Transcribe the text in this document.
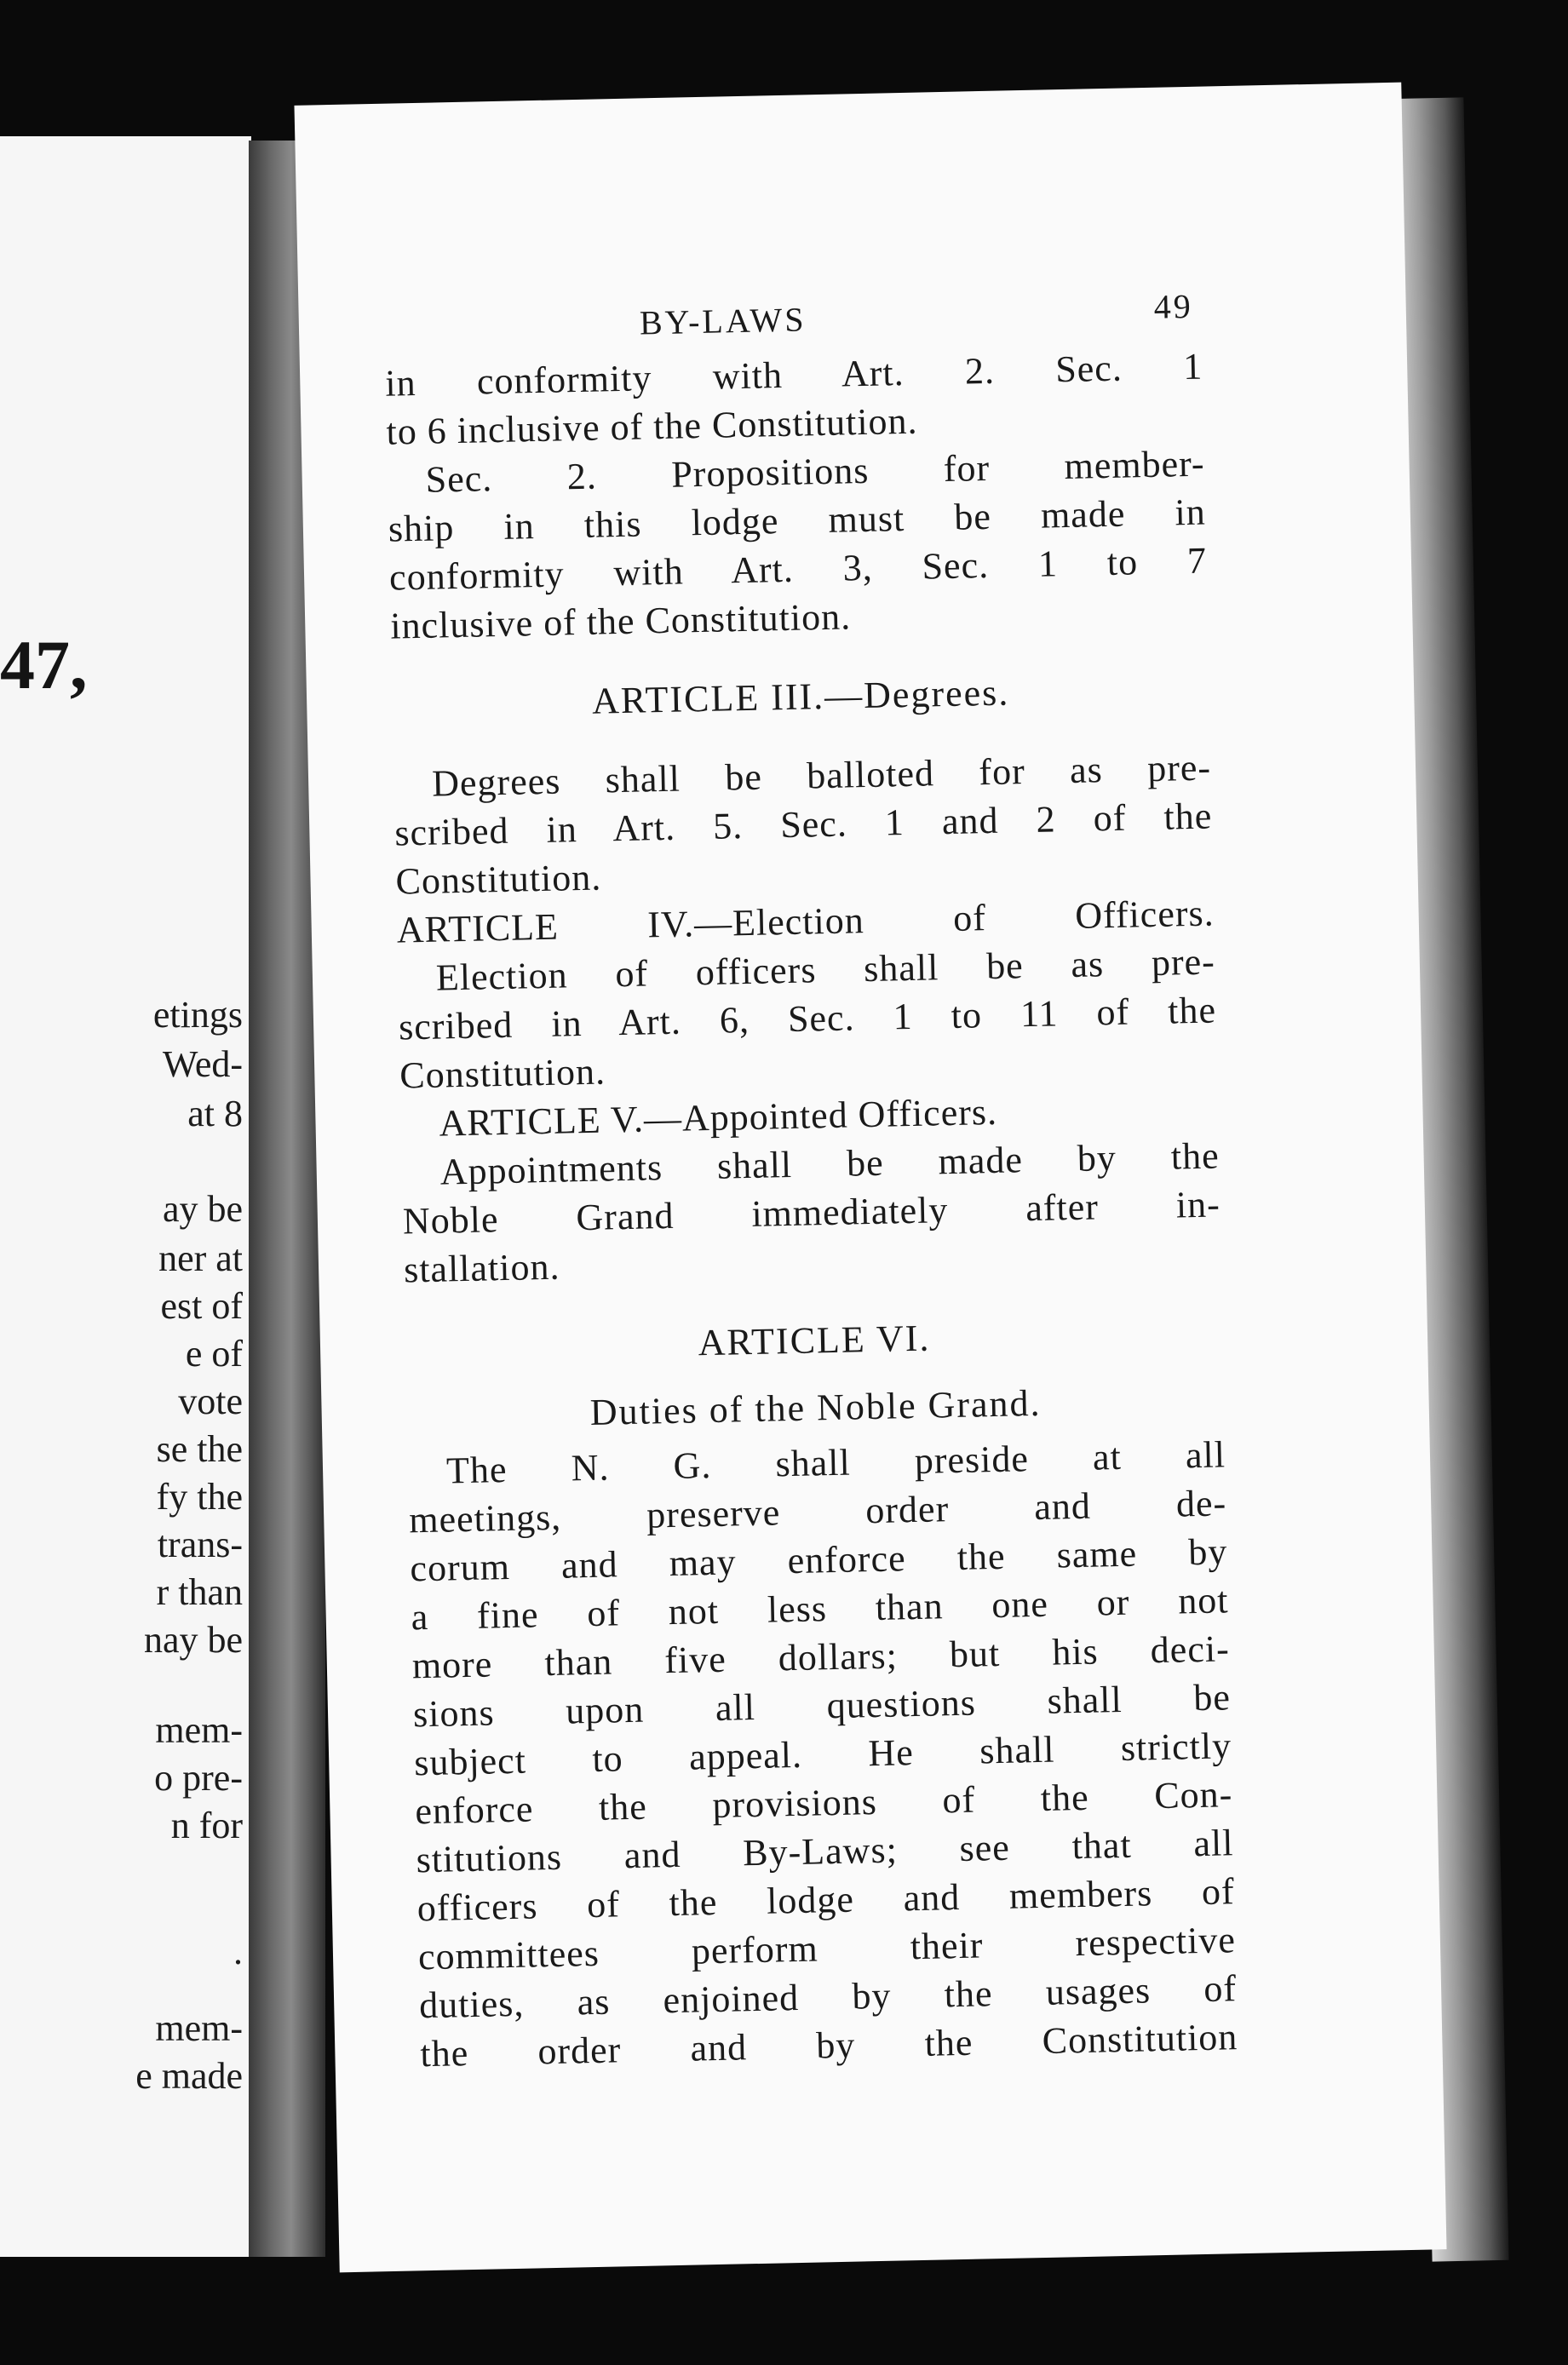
47,

etings

Wed-

at 8

ay be

ner at

est of

e of

vote

se the

fy the

trans-

r than

nay be

mem-

o pre-

n for

.

mem-

e made

BY-LAWS	49

in conformity with Art. 2. Sec. 1

to 6 inclusive of the Constitution.

Sec. 2. Propositions for member-

ship in this lodge must be made in

conformity with Art. 3, Sec. 1 to 7

inclusive of the Constitution.

ARTICLE III.—Degrees.

Degrees shall be balloted for as pre-

scribed in Art. 5. Sec. 1 and 2 of the

Constitution.

ARTICLE IV.—Election of Officers.

Election of officers shall be as pre-

scribed in Art. 6, Sec. 1 to 11 of the

Constitution.

ARTICLE V.—Appointed Officers.

Appointments shall be made by the

Noble Grand immediately after in-

stallation.

ARTICLE VI.

Duties of the Noble Grand.

The N. G. shall preside at all

meetings, preserve order and de-

corum and may enforce the same by

a fine of not less than one or not

more than five dollars; but his deci-

sions upon all questions shall be

subject to appeal. He shall strictly

enforce the provisions of the Con-

stitutions and By-Laws; see that all

officers of the lodge and members of

committees perform their respective

duties, as enjoined by the usages of

the order and by the Constitution
